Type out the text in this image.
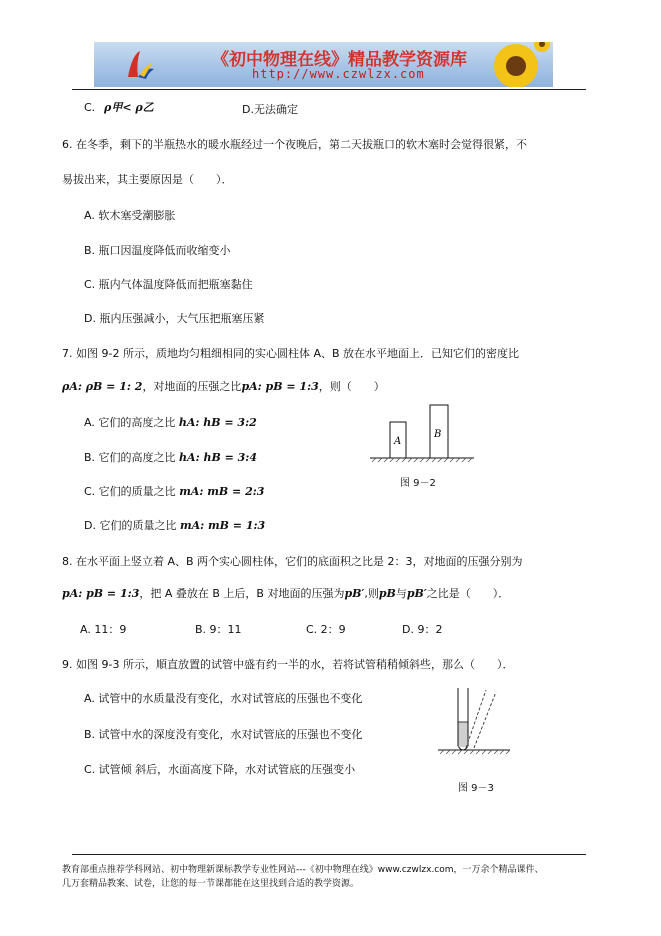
《初中物理在线》精品教学资源库
http://www.czwlzx.com
C. ρ甲< ρ乙	D.无法确定
6. 在冬季，剩下的半瓶热水的暖水瓶经过一个夜晚后，第二天拔瓶口的软木塞时会觉得很紧，不
易拔出来，其主要原因是（　　）．
A. 软木塞受潮膨胀
B. 瓶口因温度降低而收缩变小
C. 瓶内气体温度降低而把瓶塞黏住
D. 瓶内压强减小，大气压把瓶塞压紧
7. 如图 9-2 所示，质地均匀粗细相同的实心圆柱体 A、B 放在水平地面上．已知它们的密度比
ρA: ρB = 1: 2，对地面的压强之比pA: pB = 1:3，则（　　）
A. 它们的高度之比 hA: hB = 3:2
B. 它们的高度之比 hA: hB = 3:4
C. 它们的质量之比 mA: mB = 2:3
D. 它们的质量之比 mA: mB = 1:3
A
B
图 9－2
8. 在水平面上竖立着 A、B 两个实心圆柱体，它们的底面积之比是 2：3，对地面的压强分别为
pA: pB = 1:3，把 A 叠放在 B 上后，B 对地面的压强为pB′,则pB与pB′之比是（　　）．
A. 11：9	B. 9：11	C. 2：9	D. 9：2
9. 如图 9-3 所示，順直放置的试管中盛有约一半的水，若将试管稍稍倾斜些，那么（　　）．
A. 试管中的水质量没有变化，水对试管底的压强也不变化
B. 试管中水的深度没有变化，水对试管底的压强也不变化
C. 试管倾 斜后，水面高度下降，水对试管底的压强变小
图 9－3
教育部重点推荐学科网站、初中物理新课标教学专业性网站---《初中物理在线》www.czwlzx.com，一万余个精品课件、
几万套精品教案、试卷，让您的每一节课都能在这里找到合适的教学资源。
